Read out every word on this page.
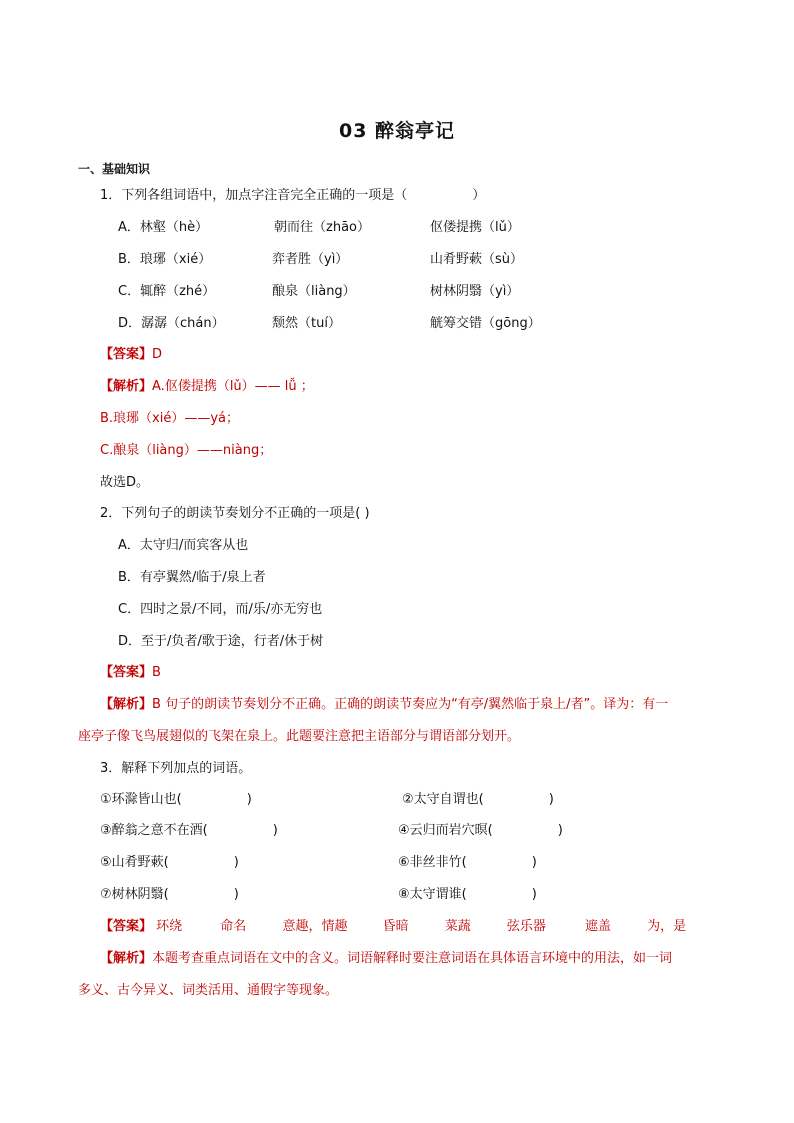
03 醉翁亭记
一、基础知识
1．下列各组词语中，加点字注音完全正确的一项是（　　　　　）
A．林壑（hè）	朝而往（zhāo）	伛偻提携（lǔ）
B．琅琊（xié）	弈者胜（yì）	山肴野蔌（sù）
C．辄醉（zhé）	酿泉（liàng）	树林阴翳（yì）
D．潺潺（chán）	颓然（tuí）	觥筹交错（gōng）
【答案】D
【解析】A.伛偻提携（lǔ）—— lǚ ；
B.琅琊（xié）——yá；
C.酿泉（liàng）——niàng；
故选D。
2．下列句子的朗读节奏划分不正确的一项是( )
A．太守归/而宾客从也
B．有亭翼然/临于/泉上者
C．四时之景/不同，而/乐/亦无穷也
D．至于/负者/歌于途，行者/休于树
【答案】B
【解析】B 句子的朗读节奏划分不正确。正确的朗读节奏应为“有亭/翼然临于泉上/者”。译为：有一
座亭子像飞鸟展翅似的飞架在泉上。此题要注意把主语部分与谓语部分划开。
3．解释下列加点的词语。
①环滁皆山也(　　　　　)	②太守自谓也(　　　　　)
③醉翁之意不在酒(　　　　　)	④云归而岩穴暝(　　　　　)
⑤山肴野蔌(　　　　　)	⑥非丝非竹(　　　　　)
⑦树林阴翳(　　　　　)	⑧太守谓谁(　　　　　)
【答案】 环绕	命名	意趣，情趣	昏暗	菜蔬	弦乐器	遮盖	为，是
【解析】本题考查重点词语在文中的含义。词语解释时要注意词语在具体语言环境中的用法，如一词
多义、古今异义、词类活用、通假字等现象。
